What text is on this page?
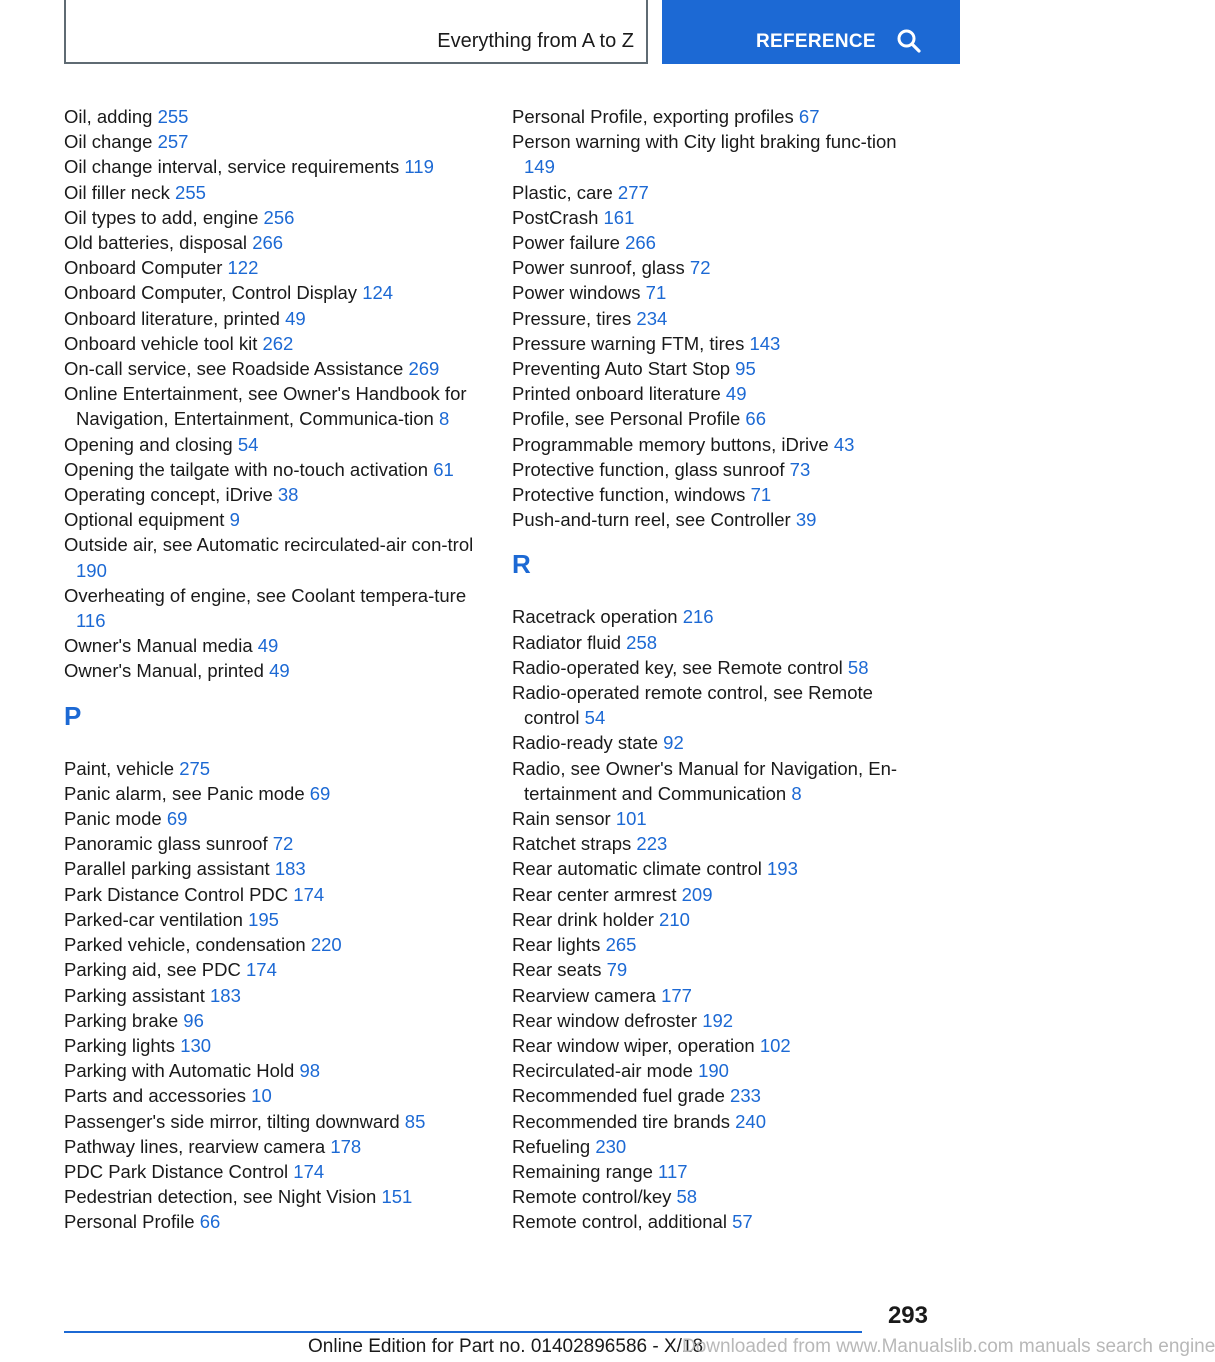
Everything from A to Z	REFERENCE
Oil, adding 255
Oil change 257
Oil change interval, service requirements 119
Oil filler neck 255
Oil types to add, engine 256
Old batteries, disposal 266
Onboard Computer 122
Onboard Computer, Control Display 124
Onboard literature, printed 49
Onboard vehicle tool kit 262
On-call service, see Roadside Assistance 269
Online Entertainment, see Owner's Handbook for Navigation, Entertainment, Communica‐tion 8
Opening and closing 54
Opening the tailgate with no-touch activation 61
Operating concept, iDrive 38
Optional equipment 9
Outside air, see Automatic recirculated-air con‐trol 190
Overheating of engine, see Coolant tempera‐ture 116
Owner's Manual media 49
Owner's Manual, printed 49
P
Paint, vehicle 275
Panic alarm, see Panic mode 69
Panic mode 69
Panoramic glass sunroof 72
Parallel parking assistant 183
Park Distance Control PDC 174
Parked-car ventilation 195
Parked vehicle, condensation 220
Parking aid, see PDC 174
Parking assistant 183
Parking brake 96
Parking lights 130
Parking with Automatic Hold 98
Parts and accessories 10
Passenger's side mirror, tilting downward 85
Pathway lines, rearview camera 178
PDC Park Distance Control 174
Pedestrian detection, see Night Vision 151
Personal Profile 66
Personal Profile, exporting profiles 67
Person warning with City light braking func‐tion 149
Plastic, care 277
PostCrash 161
Power failure 266
Power sunroof, glass 72
Power windows 71
Pressure, tires 234
Pressure warning FTM, tires 143
Preventing Auto Start Stop 95
Printed onboard literature 49
Profile, see Personal Profile 66
Programmable memory buttons, iDrive 43
Protective function, glass sunroof 73
Protective function, windows 71
Push-and-turn reel, see Controller 39
R
Racetrack operation 216
Radiator fluid 258
Radio-operated key, see Remote control 58
Radio-operated remote control, see Remote control 54
Radio-ready state 92
Radio, see Owner's Manual for Navigation, En‐tertainment and Communication 8
Rain sensor 101
Ratchet straps 223
Rear automatic climate control 193
Rear center armrest 209
Rear drink holder 210
Rear lights 265
Rear seats 79
Rearview camera 177
Rear window defroster 192
Rear window wiper, operation 102
Recirculated-air mode 190
Recommended fuel grade 233
Recommended tire brands 240
Refueling 230
Remaining range 117
Remote control/key 58
Remote control, additional 57
293
Online Edition for Part no. 01402896586 - X/18
Downloaded from www.Manualslib.com manuals search engine
